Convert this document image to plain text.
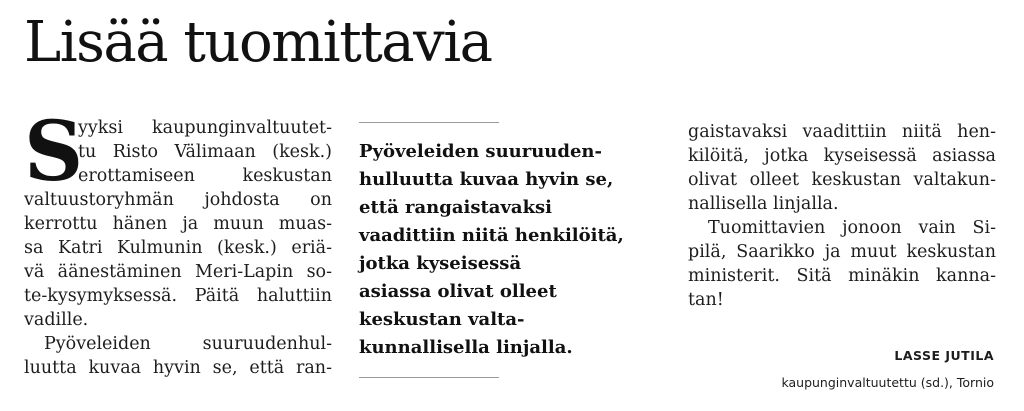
Lisää tuomittavia
S
yyksi kaupunginvaltuutet-
tu Risto Välimaan (kesk.)
erottamiseen keskustan
valtuustoryhmän johdosta on
kerrottu hänen ja muun muas-
sa Katri Kulmunin (kesk.) eriä-
vä äänestäminen Meri-Lapin so-
te-kysymyksessä. Päitä haluttiin
vadille.
Pyöveleiden suuruudenhul-
luutta kuvaa hyvin se, että ran-
Pyöveleiden suuruuden-
hulluutta kuvaa hyvin se,
että rangaistavaksi
vaadittiin niitä henkilöitä,
jotka kyseisessä
asiassa olivat olleet
keskustan valta-
kunnallisella linjalla.
gaistavaksi vaadittiin niitä hen-
kilöitä, jotka kyseisessä asiassa
olivat olleet keskustan valtakun-
nallisella linjalla.
Tuomittavien jonoon vain Si-
pilä, Saarikko ja muut keskustan
ministerit. Sitä minäkin kanna-
tan!
LASSE JUTILA
kaupunginvaltuutettu (sd.), Tornio
